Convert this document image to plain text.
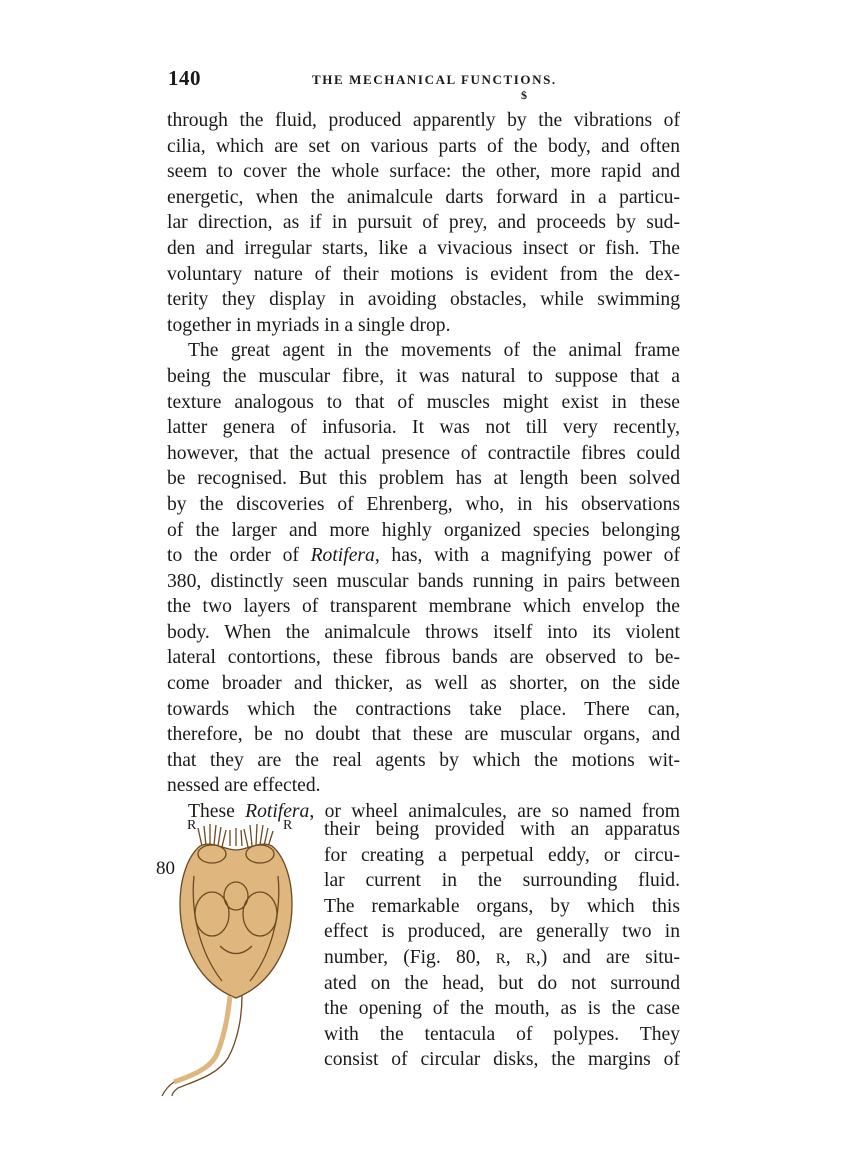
140	THE MECHANICAL FUNCTIONS.
$
through the fluid, produced apparently by the vibrations of
cilia, which are set on various parts of the body, and often
seem to cover the whole surface: the other, more rapid and
energetic, when the animalcule darts forward in a particu-
lar direction, as if in pursuit of prey, and proceeds by sud-
den and irregular starts, like a vivacious insect or fish. The
voluntary nature of their motions is evident from the dex-
terity they display in avoiding obstacles, while swimming
together in myriads in a single drop.
The great agent in the movements of the animal frame
being the muscular fibre, it was natural to suppose that a
texture analogous to that of muscles might exist in these
latter genera of infusoria. It was not till very recently,
however, that the actual presence of contractile fibres could
be recognised. But this problem has at length been solved
by the discoveries of Ehrenberg, who, in his observations
of the larger and more highly organized species belonging
to the order of Rotifera, has, with a magnifying power of
380, distinctly seen muscular bands running in pairs between
the two layers of transparent membrane which envelop the
body. When the animalcule throws itself into its violent
lateral contortions, these fibrous bands are observed to be-
come broader and thicker, as well as shorter, on the side
towards which the contractions take place. There can,
therefore, be no doubt that these are muscular organs, and
that they are the real agents by which the motions wit-
nessed are effected.
These Rotifera, or wheel animalcules, are so named from
their being provided with an apparatus
for creating a perpetual eddy, or circu-
lar current in the surrounding fluid.
The remarkable organs, by which this
effect is produced, are generally two in
number, (Fig. 80, R, R,) and are situ-
ated on the head, but do not surround
the opening of the mouth, as is the case
with the tentacula of polypes. They
consist of circular disks, the margins of
80
R	R
